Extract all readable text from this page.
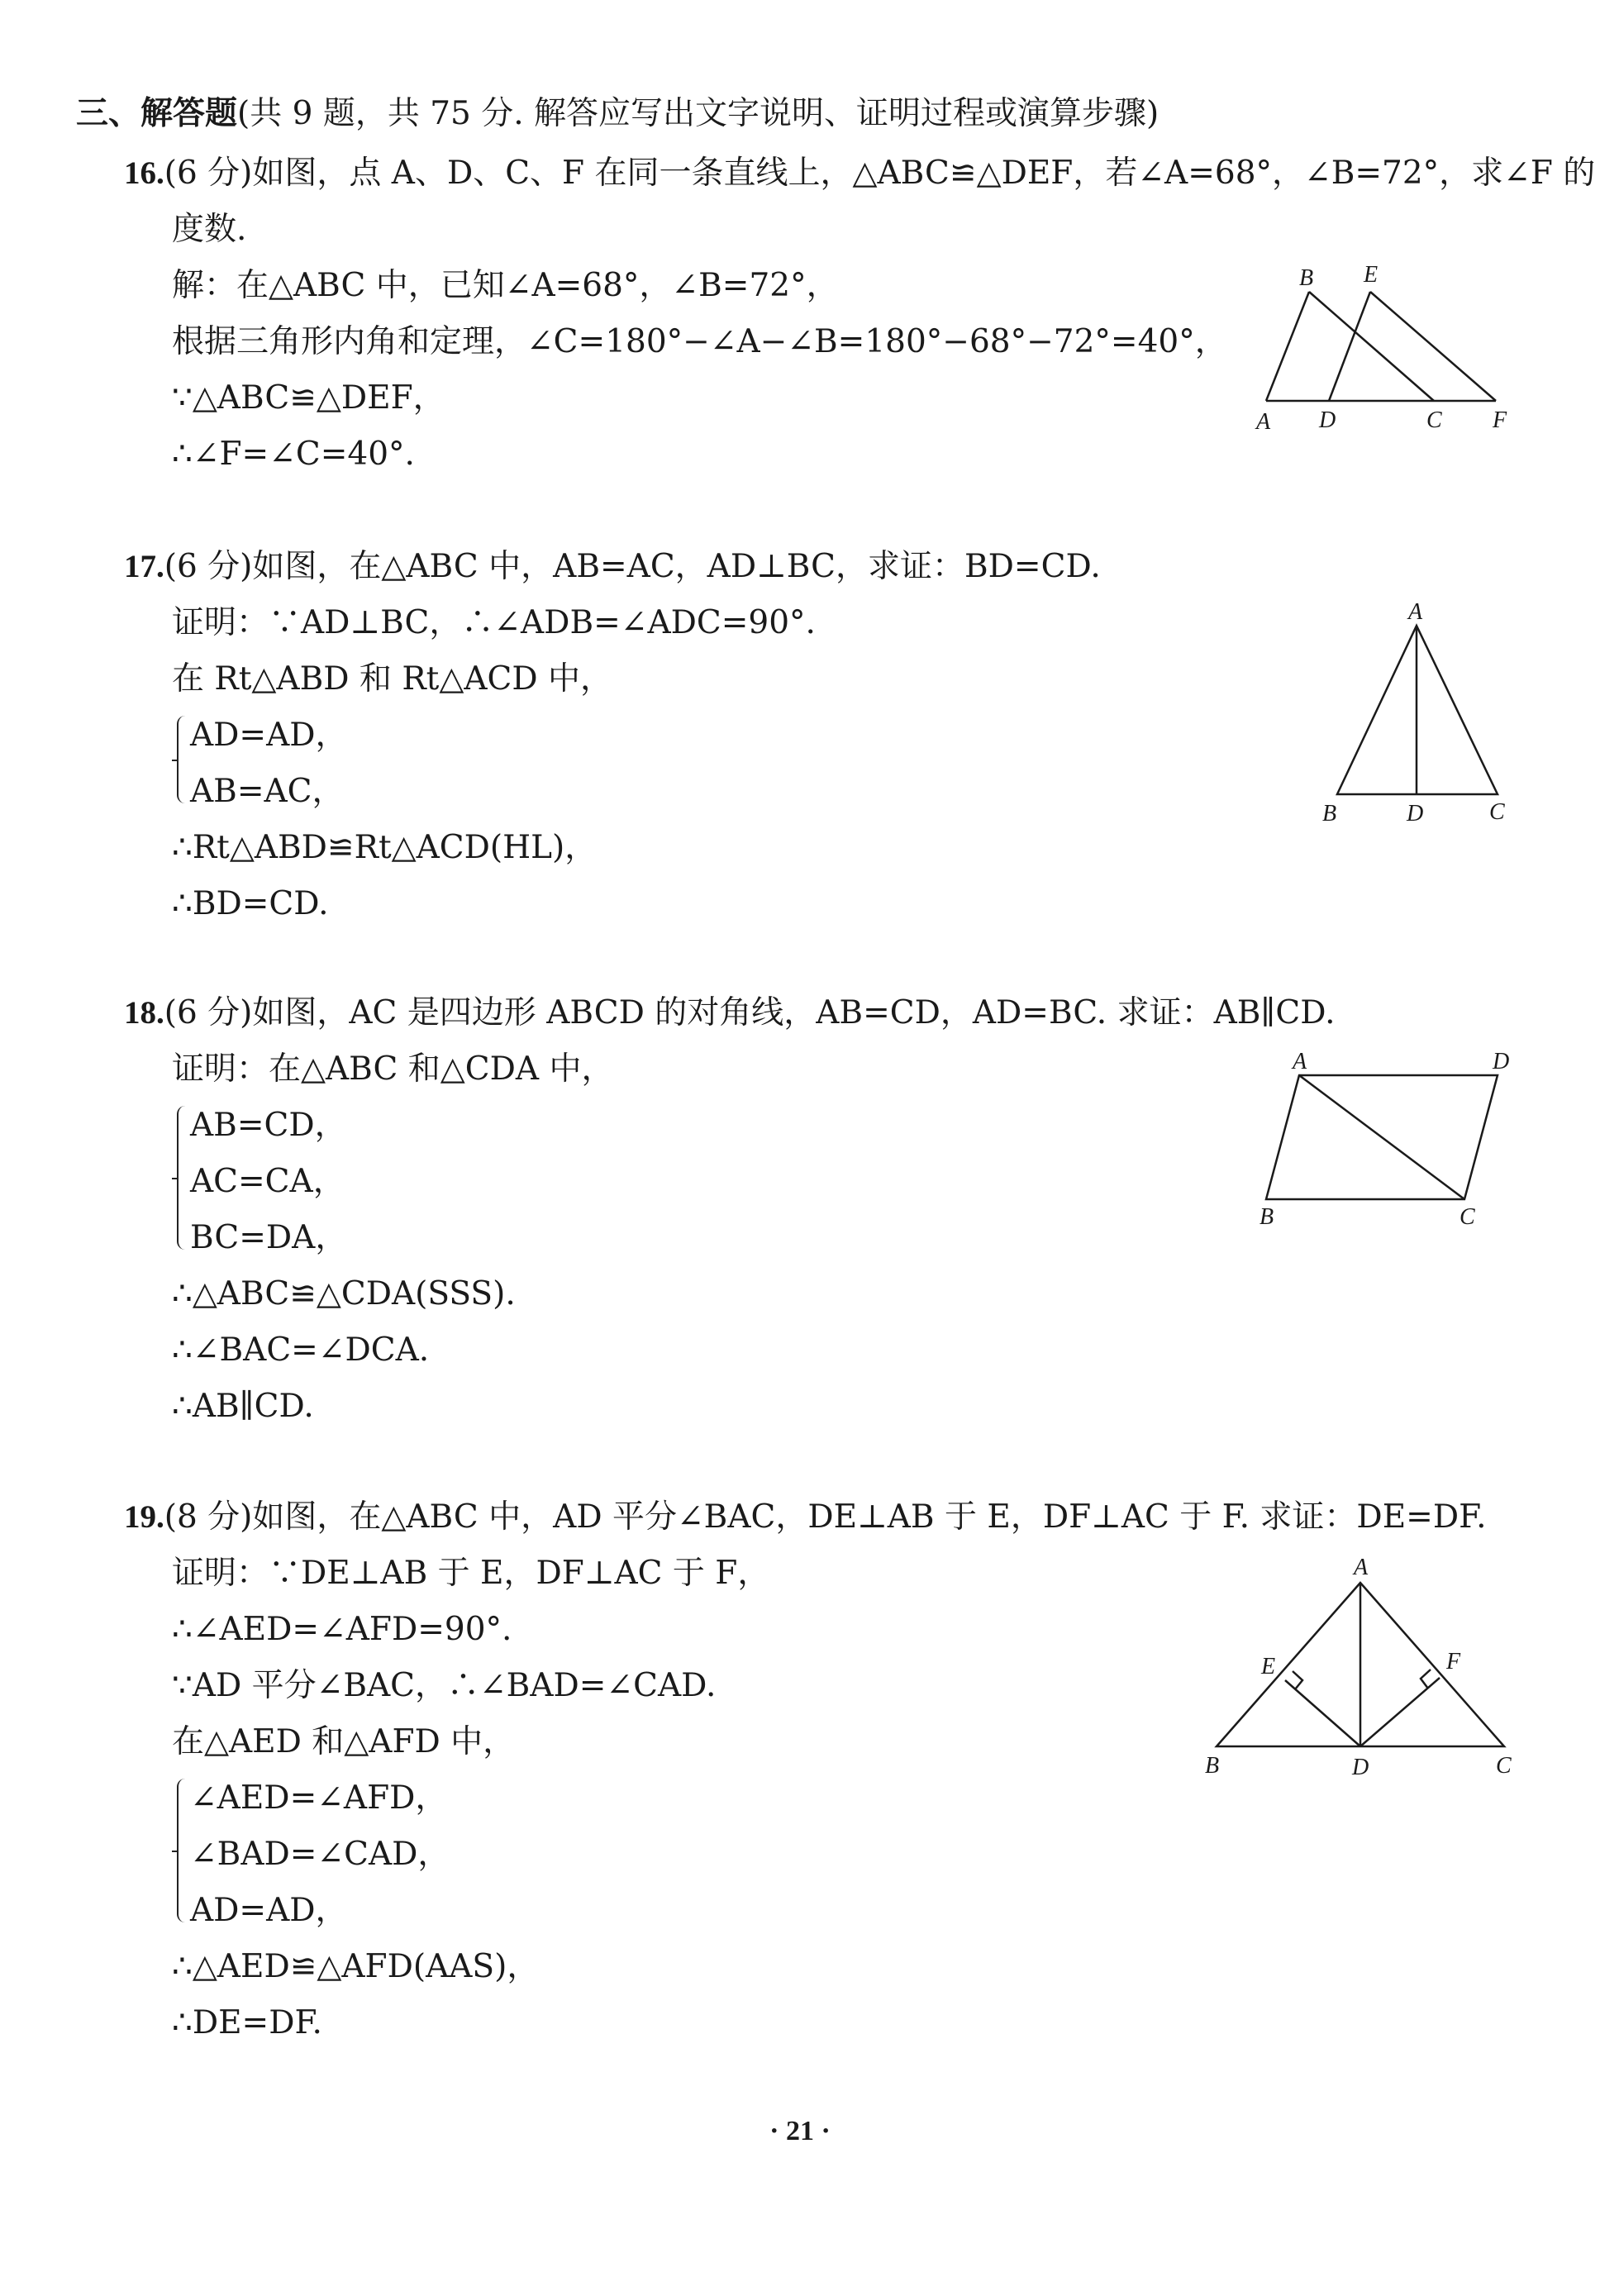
三、解答题(共 9 题，共 75 分. 解答应写出文字说明、证明过程或演算步骤)
16.(6 分)如图，点 A、D、C、F 在同一条直线上，△ABC≌△DEF，若∠A=68°，∠B=72°，求∠F 的
度数.
解：在△ABC 中，已知∠A=68°，∠B=72°，
根据三角形内角和定理，∠C=180°−∠A−∠B=180°−68°−72°=40°，
∵△ABC≌△DEF，
∴∠F=∠C=40°.
B E
A D	C F
17.(6 分)如图，在△ABC 中，AB=AC，AD⊥BC，求证：BD=CD.
证明：∵AD⊥BC，∴∠ADB=∠ADC=90°.
在 Rt△ABD 和 Rt△ACD 中，
AD=AD，
AB=AC，
∴Rt△ABD≌Rt△ACD(HL)，
∴BD=CD.
A
B	D	C
18.(6 分)如图，AC 是四边形 ABCD 的对角线，AB=CD，AD=BC. 求证：AB∥CD.
证明：在△ABC 和△CDA 中，
AB=CD，
AC=CA，
BC=DA，
∴△ABC≌△CDA(SSS).
∴∠BAC=∠DCA.
∴AB∥CD.
A	D
B	C
19.(8 分)如图，在△ABC 中，AD 平分∠BAC，DE⊥AB 于 E，DF⊥AC 于 F. 求证：DE=DF.
证明：∵DE⊥AB 于 E，DF⊥AC 于 F，
∴∠AED=∠AFD=90°.
∵AD 平分∠BAC，∴∠BAD=∠CAD.
在△AED 和△AFD 中，
∠AED=∠AFD，
∠BAD=∠CAD，
AD=AD，
∴△AED≌△AFD(AAS)，
∴DE=DF.
A
E	F
B	D	C
· 21 ·
